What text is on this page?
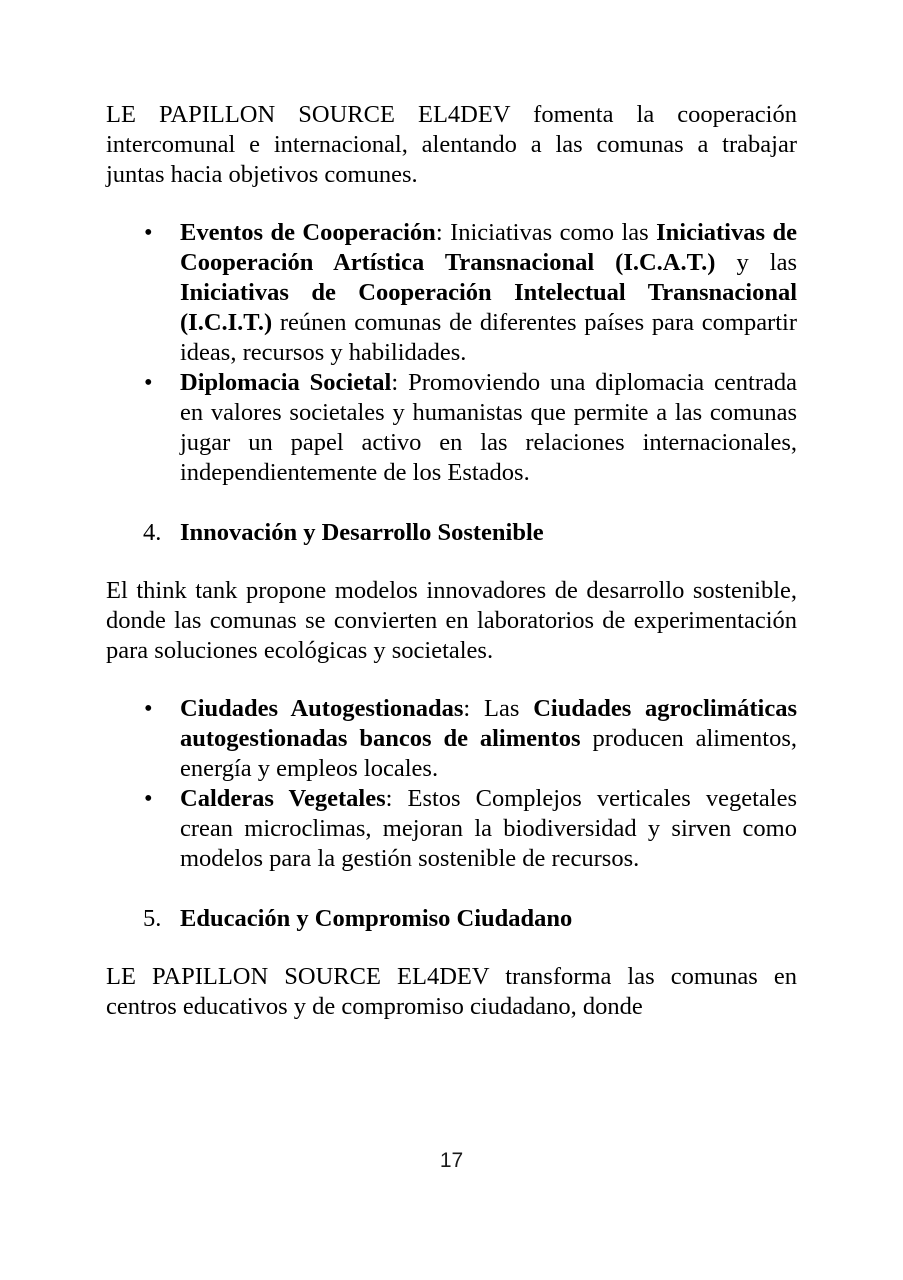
LE PAPILLON SOURCE EL4DEV fomenta la cooperación intercomunal e internacional, alentando a las comunas a trabajar juntas hacia objetivos comunes.

• Eventos de Cooperación: Iniciativas como las Iniciativas de Cooperación Artística Transnacional (I.C.A.T.) y las Iniciativas de Cooperación Intelectual Transnacional (I.C.I.T.) reúnen comunas de diferentes países para compartir ideas, recursos y habilidades.
• Diplomacia Societal: Promoviendo una diplomacia centrada en valores societales y humanistas que permite a las comunas jugar un papel activo en las relaciones internacionales, independientemente de los Estados.
4. Innovación y Desarrollo Sostenible

El think tank propone modelos innovadores de desarrollo sostenible, donde las comunas se convierten en laboratorios de experimentación para soluciones ecológicas y societales.

• Ciudades Autogestionadas: Las Ciudades agroclimáticas autogestionadas bancos de alimentos producen alimentos, energía y empleos locales.
• Calderas Vegetales: Estos Complejos verticales vegetales crean microclimas, mejoran la biodiversidad y sirven como modelos para la gestión sostenible de recursos.
5. Educación y Compromiso Ciudadano

LE PAPILLON SOURCE EL4DEV transforma las comunas en centros educativos y de compromiso ciudadano, donde

17
